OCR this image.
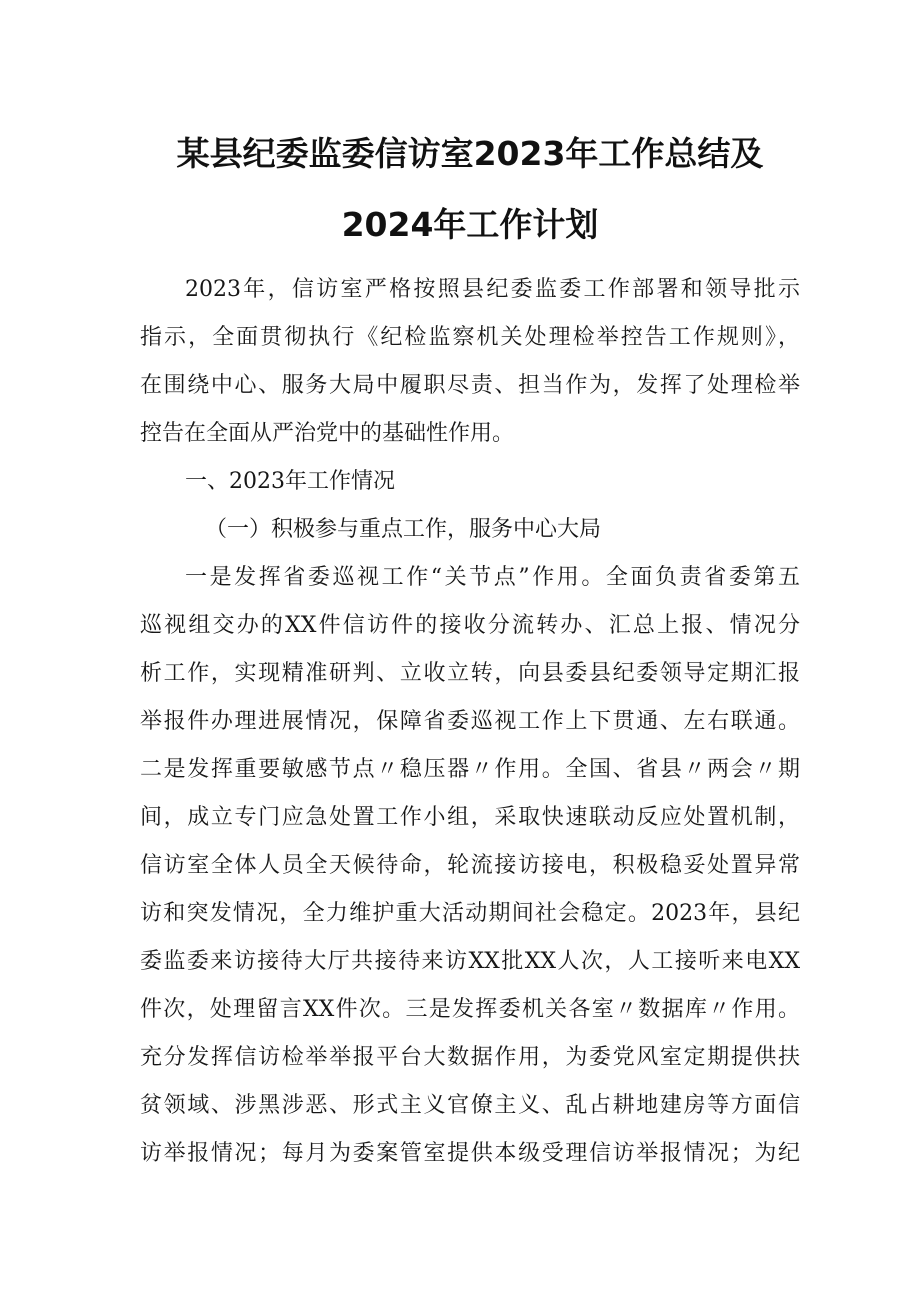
某县纪委监委信访室2023年工作总结及
2024年工作计划
2023年，信访室严格按照县纪委监委工作部署和领导批示
指示，全面贯彻执行《纪检监察机关处理检举控告工作规则》，
在围绕中心、服务大局中履职尽责、担当作为，发挥了处理检举
控告在全面从严治党中的基础性作用。
一、2023年工作情况
（一）积极参与重点工作，服务中心大局
一是发挥省委巡视工作“关节点”作用。全面负责省委第五
巡视组交办的XX件信访件的接收分流转办、汇总上报、情况分
析工作，实现精准研判、立收立转，向县委县纪委领导定期汇报
举报件办理进展情况，保障省委巡视工作上下贯通、左右联通。
二是发挥重要敏感节点〃稳压器〃作用。全国、省县〃两会〃期
间，成立专门应急处置工作小组，采取快速联动反应处置机制，
信访室全体人员全天候待命，轮流接访接电，积极稳妥处置异常
访和突发情况，全力维护重大活动期间社会稳定。2023年，县纪
委监委来访接待大厅共接待来访XX批XX人次，人工接听来电XX
件次，处理留言XX件次。三是发挥委机关各室〃数据库〃作用。
充分发挥信访检举举报平台大数据作用，为委党风室定期提供扶
贫领域、涉黑涉恶、形式主义官僚主义、乱占耕地建房等方面信
访举报情况；每月为委案管室提供本级受理信访举报情况；为纪
